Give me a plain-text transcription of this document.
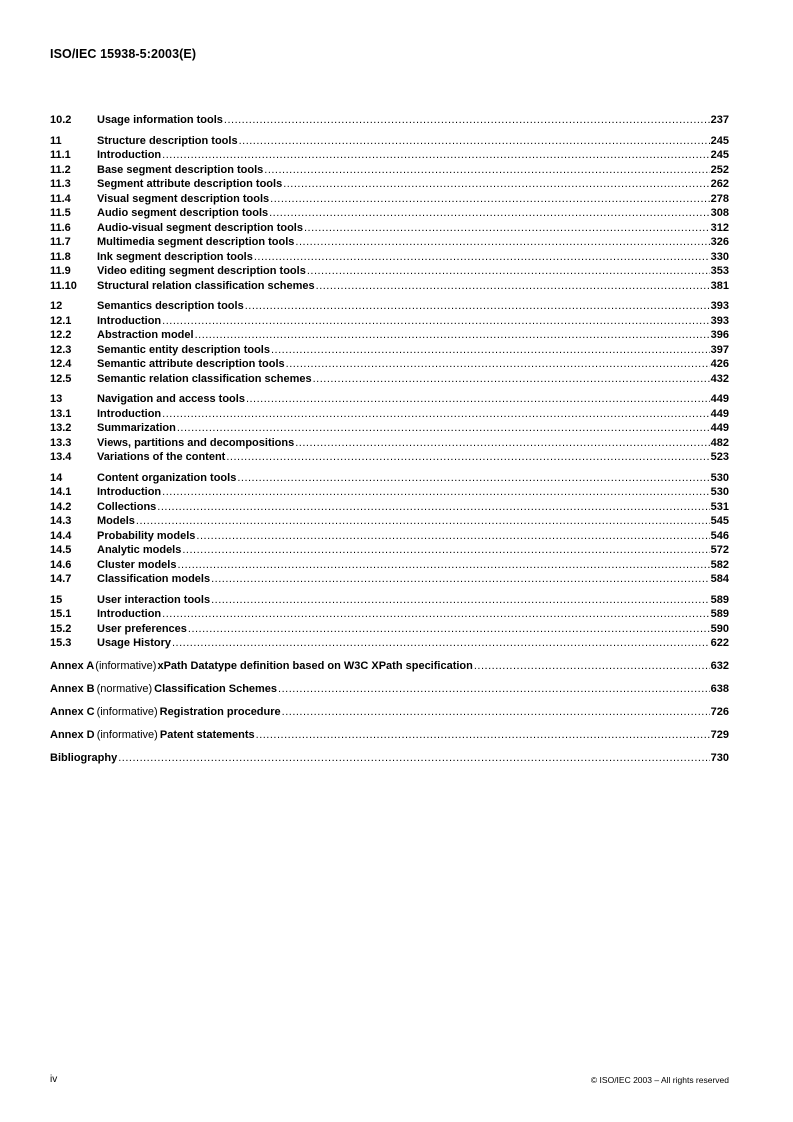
ISO/IEC 15938-5:2003(E)
10.2	Usage information tools .....	237
11	Structure description tools .....	245
11.1	Introduction .....	245
11.2	Base segment description tools .....	252
11.3	Segment attribute description tools .....	262
11.4	Visual segment description tools .....	278
11.5	Audio segment description tools .....	308
11.6	Audio-visual segment description tools .....	312
11.7	Multimedia segment description tools .....	326
11.8	Ink segment description tools .....	330
11.9	Video editing segment description tools .....	353
11.10	Structural relation classification schemes .....	381
12	Semantics description tools .....	393
12.1	Introduction .....	393
12.2	Abstraction model .....	396
12.3	Semantic entity description tools .....	397
12.4	Semantic attribute description tools .....	426
12.5	Semantic relation classification schemes .....	432
13	Navigation and access tools .....	449
13.1	Introduction .....	449
13.2	Summarization .....	449
13.3	Views, partitions and decompositions .....	482
13.4	Variations of the content .....	523
14	Content organization tools .....	530
14.1	Introduction .....	530
14.2	Collections .....	531
14.3	Models .....	545
14.4	Probability models .....	546
14.5	Analytic models .....	572
14.6	Cluster models .....	582
14.7	Classification models .....	584
15	User interaction tools .....	589
15.1	Introduction .....	589
15.2	User preferences .....	590
15.3	Usage History .....	622
Annex A (informative) xPath Datatype definition based on W3C XPath specification .....	632
Annex B (normative) Classification Schemes .....	638
Annex C (informative) Registration procedure .....	726
Annex D (informative) Patent statements .....	729
Bibliography .....	730
iv	© ISO/IEC 2003 – All rights reserved
